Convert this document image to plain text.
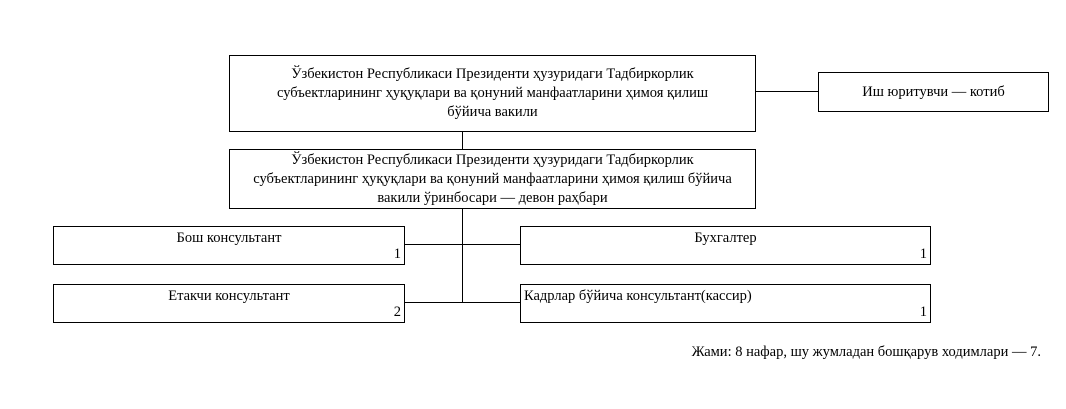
Ўзбекистон Республикаси Президенти ҳузуридаги Тадбиркорлик субъектларининг ҳуқуқлари ва қонуний манфаатларини ҳимоя қилиш бўйича вакили
Иш юритувчи — котиб
Ўзбекистон Республикаси Президенти ҳузуридаги Тадбиркорлик субъектларининг ҳуқуқлари ва қонуний манфаатларини ҳимоя қилиш бўйича вакили ўринбосари — девон раҳбари
Бош консультант
1
Бухгалтер
1
Етакчи консультант
2
Кадрлар бўйича консультант(кассир)
1
Жами: 8 нафар, шу жумладан бошқарув ходимлари — 7.
